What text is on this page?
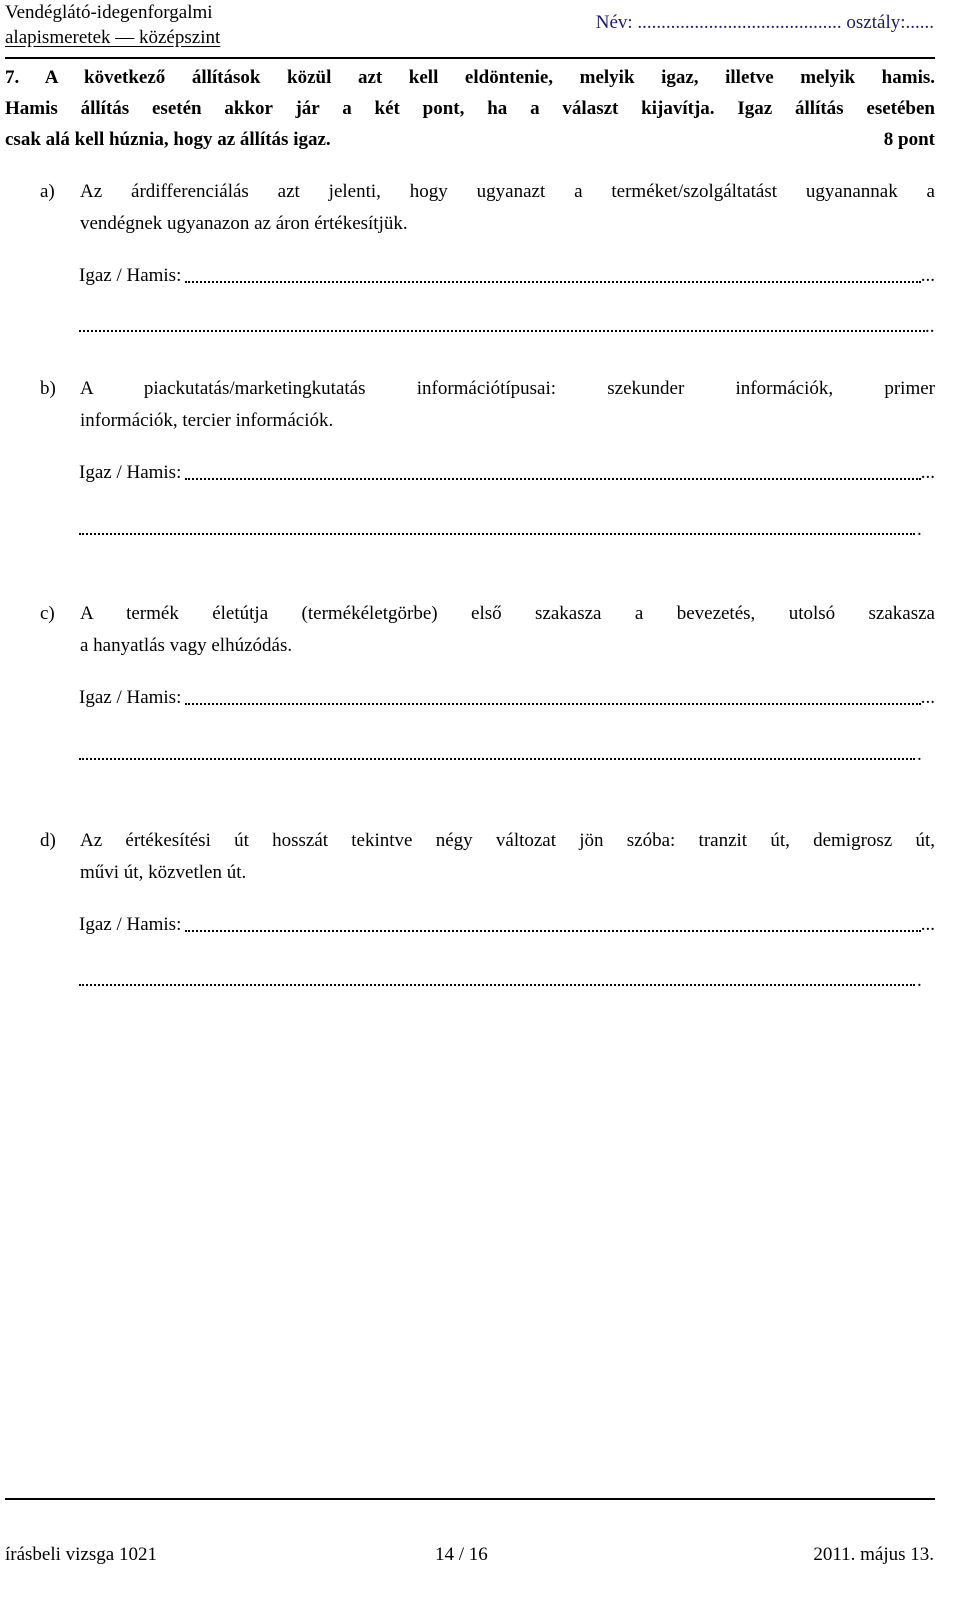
Vendéglátó-idegenforgalmi
alapismeretek — középszint
Név: ........................................... osztály:......
7. A következő állítások közül azt kell eldöntenie, melyik igaz, illetve melyik hamis.
Hamis állítás esetén akkor jár a két pont, ha a választ kijavítja. Igaz állítás esetében
csak alá kell húznia, hogy az állítás igaz.	8 pont
a) Az árdifferenciálás azt jelenti, hogy ugyanazt a terméket/szolgáltatást ugyanannak a
vendégnek ugyanazon az áron értékesítjük.
Igaz / Hamis:	...
..
b) A piackutatás/marketingkutatás információtípusai: szekunder információk, primer
információk, tercier információk.
Igaz / Hamis:	...
.
c) A termék életútja (termékéletgörbe) első szakasza a bevezetés, utolsó szakasza
a hanyatlás vagy elhúzódás.
Igaz / Hamis:	...
.
d) Az értékesítési út hosszát tekintve négy változat jön szóba: tranzit út, demigrosz út,
művi út, közvetlen út.
Igaz / Hamis:	...
.
írásbeli vizsga 1021	14 / 16	2011. május 13.
